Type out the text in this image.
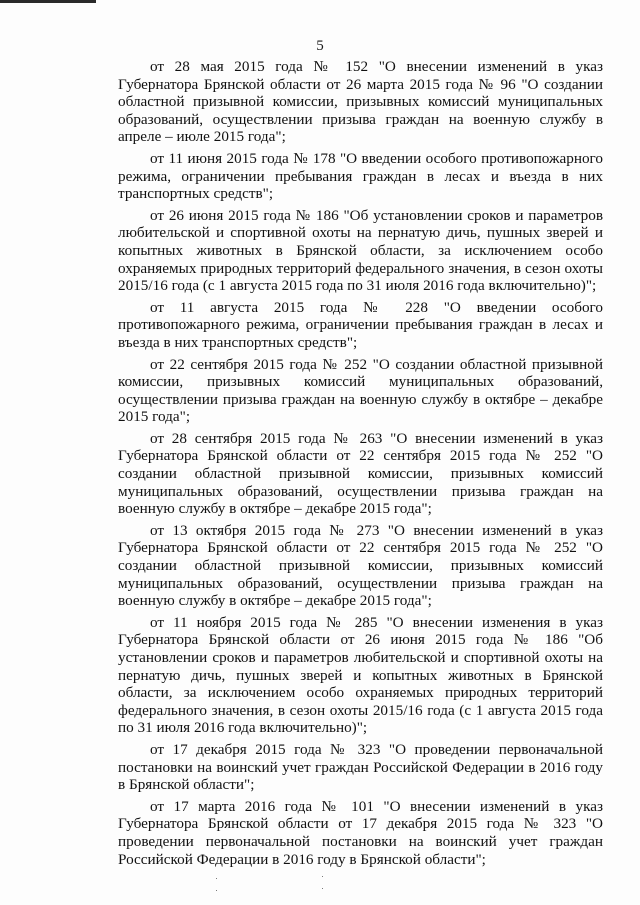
5

от 28 мая 2015 года № 152 "О внесении изменений в указ Губернатора Брянской области от 26 марта 2015 года № 96 "О создании областной призывной комиссии, призывных комиссий муниципальных образований, осуществлении призыва граждан на военную службу в апреле – июле 2015 года";

от 11 июня 2015 года № 178 "О введении особого противопожарного режима, ограничении пребывания граждан в лесах и въезда в них транспортных средств";

от 26 июня 2015 года № 186 "Об установлении сроков и параметров любительской и спортивной охоты на пернатую дичь, пушных зверей и копытных животных в Брянской области, за исключением особо охраняемых природных территорий федерального значения, в сезон охоты 2015/16 года (с 1 августа 2015 года по 31 июля 2016 года включительно)";

от 11 августа 2015 года № 228 "О введении особого противопожарного режима, ограничении пребывания граждан в лесах и въезда в них транспортных средств";

от 22 сентября 2015 года № 252 "О создании областной призывной комиссии, призывных комиссий муниципальных образований, осуществлении призыва граждан на военную службу в октябре – декабре 2015 года";

от 28 сентября 2015 года № 263 "О внесении изменений в указ Губернатора Брянской области от 22 сентября 2015 года № 252 "О создании областной призывной комиссии, призывных комиссий муниципальных образований, осуществлении призыва граждан на военную службу в октябре – декабре 2015 года";

от 13 октября 2015 года № 273 "О внесении изменений в указ Губернатора Брянской области от 22 сентября 2015 года № 252 "О создании областной призывной комиссии, призывных комиссий муниципальных образований, осуществлении призыва граждан на военную службу в октябре – декабре 2015 года";

от 11 ноября 2015 года № 285 "О внесении изменения в указ Губернатора Брянской области от 26 июня 2015 года № 186 "Об установлении сроков и параметров любительской и спортивной охоты на пернатую дичь, пушных зверей и копытных животных в Брянской области, за исключением особо охраняемых природных территорий федерального значения, в сезон охоты 2015/16 года (с 1 августа 2015 года по 31 июля 2016 года включительно)";

от 17 декабря 2015 года № 323 "О проведении первоначальной постановки на воинский учет граждан Российской Федерации в 2016 году в Брянской области";

от 17 марта 2016 года № 101 "О внесении изменений в указ Губернатора Брянской области от 17 декабря 2015 года № 323 "О проведении первоначальной постановки на воинский учет граждан Российской Федерации в 2016 году в Брянской области";
